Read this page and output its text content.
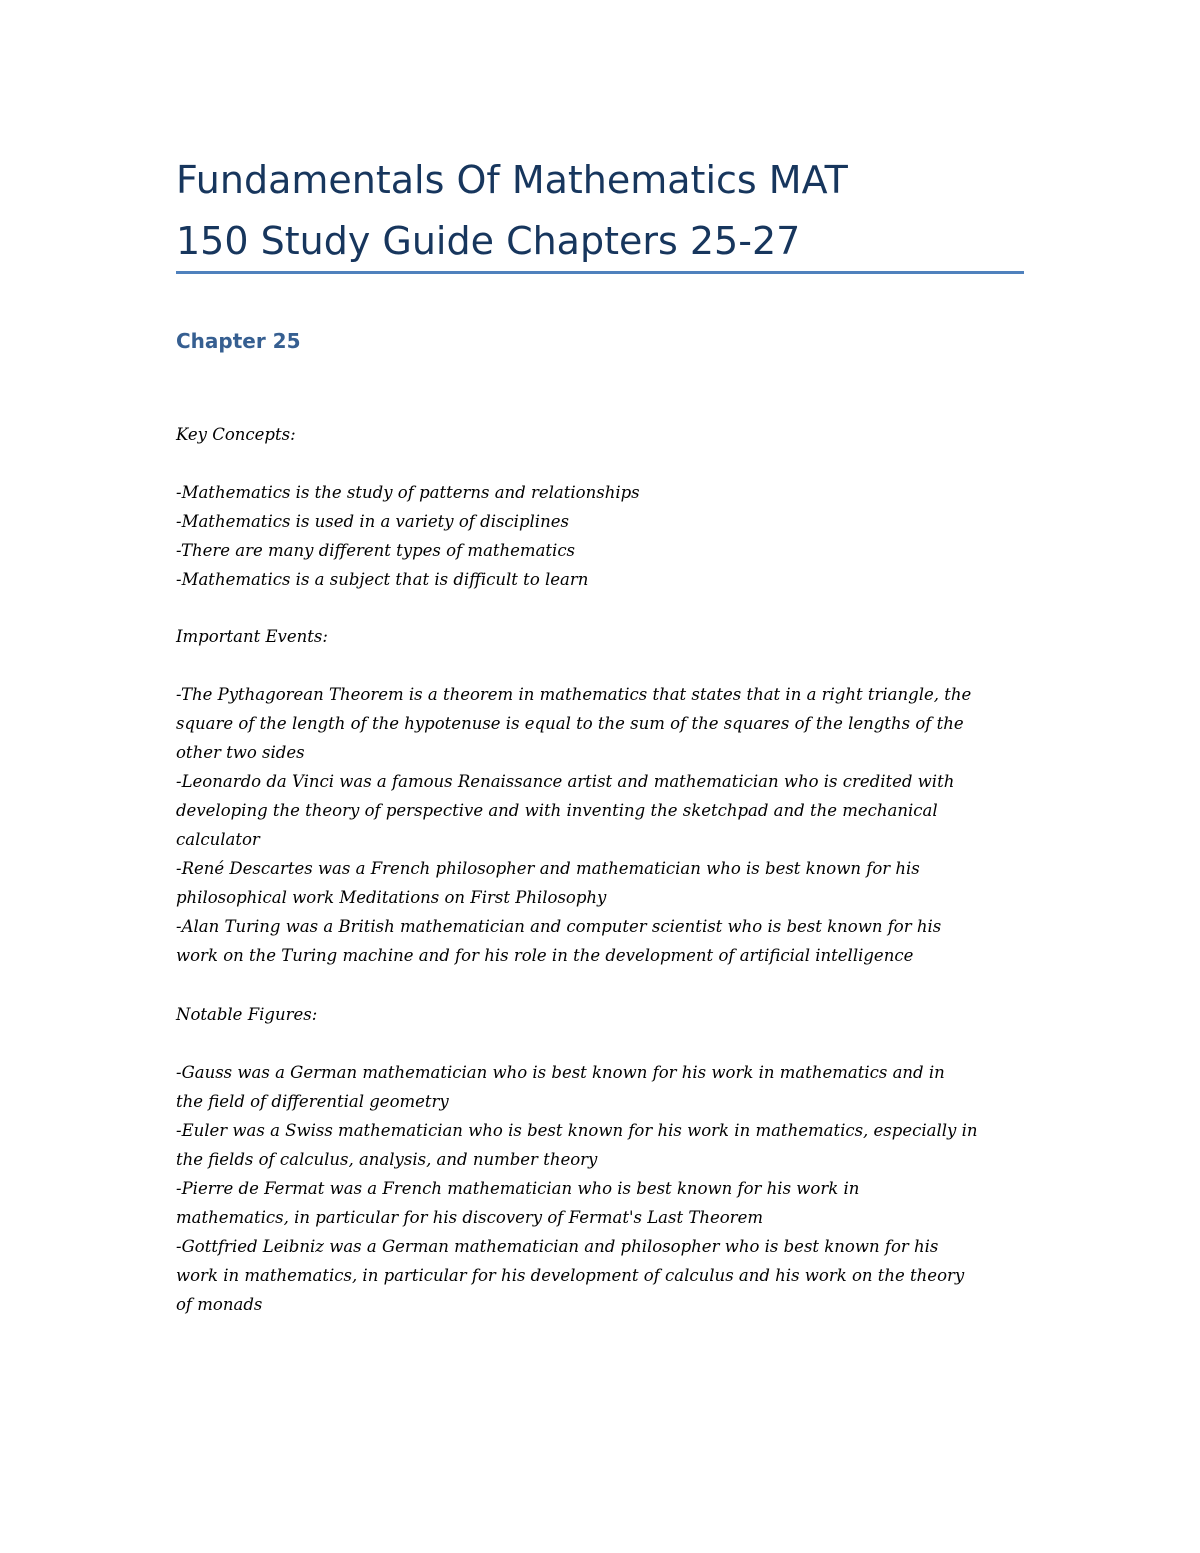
Fundamentals Of Mathematics MAT
150 Study Guide Chapters 25-27
Chapter 25
Key Concepts:
-Mathematics is the study of patterns and relationships
-Mathematics is used in a variety of disciplines
-There are many different types of mathematics
-Mathematics is a subject that is difficult to learn
Important Events:
-The Pythagorean Theorem is a theorem in mathematics that states that in a right triangle, the
square of the length of the hypotenuse is equal to the sum of the squares of the lengths of the
other two sides
-Leonardo da Vinci was a famous Renaissance artist and mathematician who is credited with
developing the theory of perspective and with inventing the sketchpad and the mechanical
calculator
-René Descartes was a French philosopher and mathematician who is best known for his
philosophical work Meditations on First Philosophy
-Alan Turing was a British mathematician and computer scientist who is best known for his
work on the Turing machine and for his role in the development of artificial intelligence
Notable Figures:
-Gauss was a German mathematician who is best known for his work in mathematics and in
the field of differential geometry
-Euler was a Swiss mathematician who is best known for his work in mathematics, especially in
the fields of calculus, analysis, and number theory
-Pierre de Fermat was a French mathematician who is best known for his work in
mathematics, in particular for his discovery of Fermat's Last Theorem
-Gottfried Leibniz was a German mathematician and philosopher who is best known for his
work in mathematics, in particular for his development of calculus and his work on the theory
of monads
